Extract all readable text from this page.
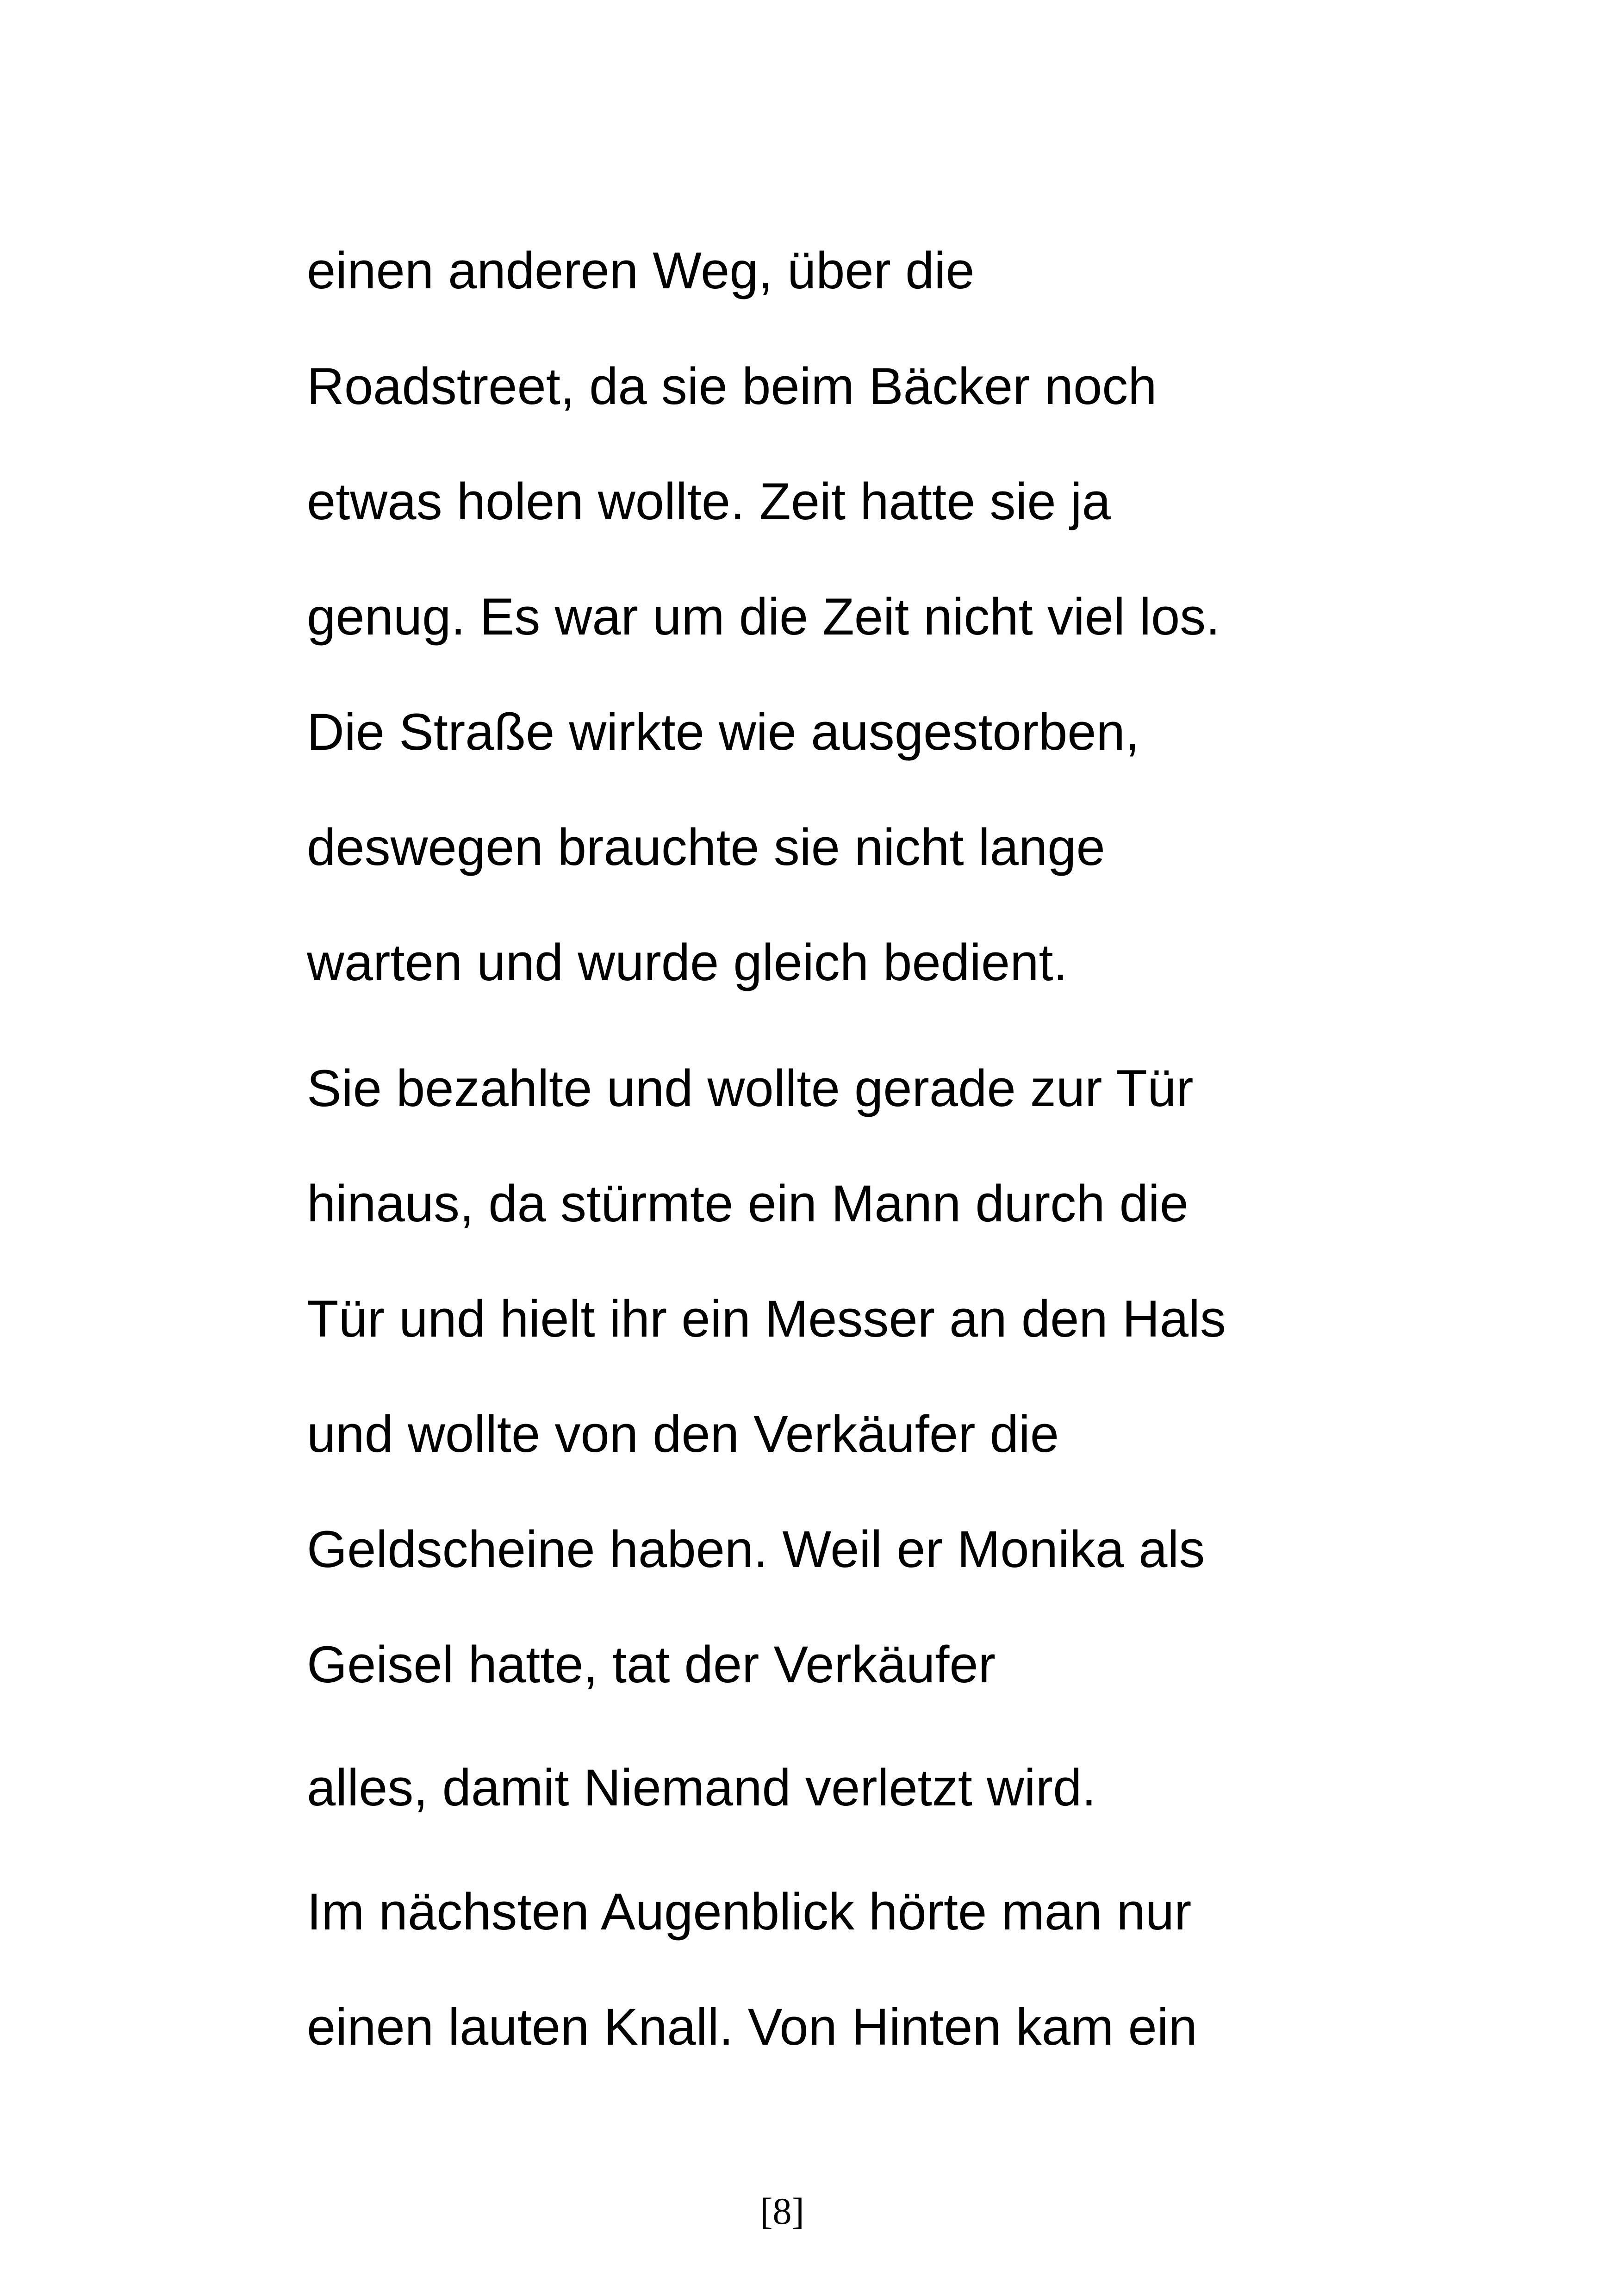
einen anderen Weg, über die
Roadstreet, da sie beim Bäcker noch
etwas holen wollte. Zeit hatte sie ja
genug. Es war um die Zeit nicht viel los.
Die Straße wirkte wie ausgestorben,
deswegen brauchte sie nicht lange
warten und wurde gleich bedient.
Sie bezahlte und wollte gerade zur Tür
hinaus, da stürmte ein Mann durch die
Tür und hielt ihr ein Messer an den Hals
und wollte von den Verkäufer die
Geldscheine haben. Weil er Monika als
Geisel hatte, tat der Verkäufer
alles, damit Niemand verletzt wird.
Im nächsten Augenblick hörte man nur
einen lauten Knall. Von Hinten kam ein
[8]
